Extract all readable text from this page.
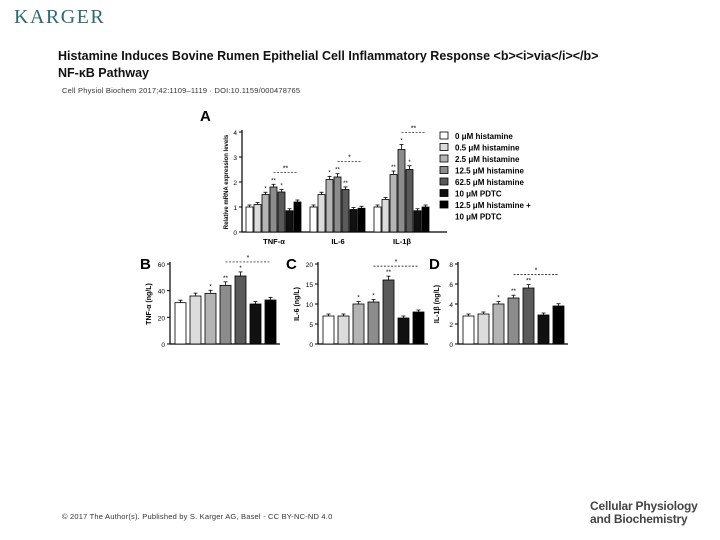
KARGER
Histamine Induces Bovine Rumen Epithelial Cell Inflammatory Response <b><i>via</i></b>
NF-κB Pathway
Cell Physiol Biochem 2017;42:1109–1119 · DOI:10.1159/000478765
0
1
2
3
4
Relative mRNA expression levels
A
TNF-α
*
**
*
**
IL-6
* **
**
*
IL-1β
**
*
*
**
0 μM histamine
0.5 μM histamine
2.5 μM histamine
12.5 μM histamine
62.5 μM histamine
10 μM PDTC
12.5 μM histamine +
10 μM PDTC
0
20
40
60
TNF-α (ng/L)
B
*
**
*
*
0
5
10
15
20
IL-6 (ng/L)
C
* *
**
*
0
2
4
6
8
IL-1β (ng/L)
D
*
**
**
*
© 2017 The Author(s). Published by S. Karger AG, Basel - CC BY-NC-ND 4.0
Cellular Physiology
and Biochemistry
